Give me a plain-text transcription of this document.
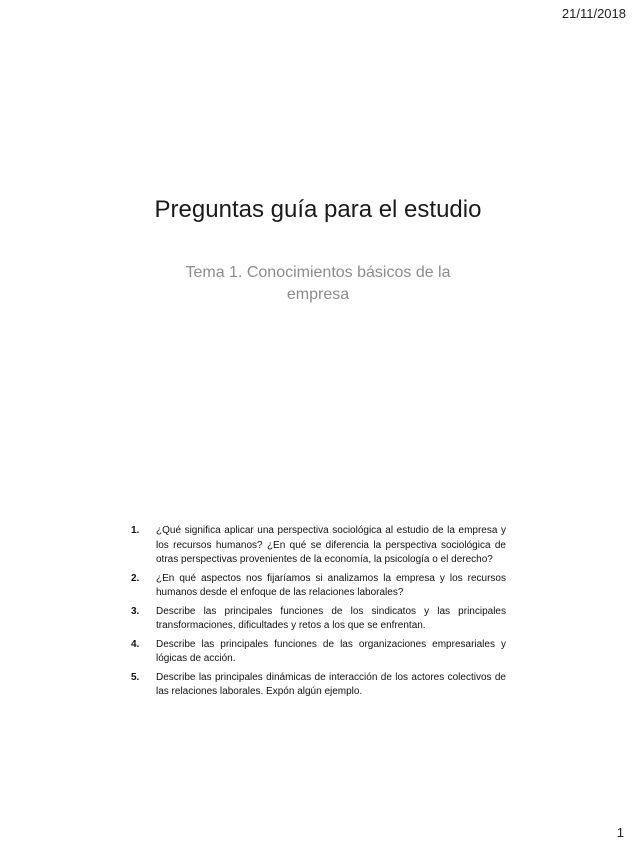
21/11/2018
Preguntas guía para el estudio
Tema 1. Conocimientos básicos de la empresa
1.	¿Qué significa aplicar una perspectiva sociológica al estudio de la empresa y los recursos humanos? ¿En qué se diferencia la perspectiva sociológica de otras perspectivas provenientes de la economía, la psicología o el derecho?
2.	¿En qué aspectos nos fijaríamos si analizamos la empresa y los recursos humanos desde el enfoque de las relaciones laborales?
3.	Describe las principales funciones de los sindicatos y las principales transformaciones, dificultades y retos a los que se enfrentan.
4.	Describe las principales funciones de las organizaciones empresariales y lógicas de acción.
5.	Describe las principales dinámicas de interacción de los actores colectivos de las relaciones laborales. Expón algún ejemplo.
1
